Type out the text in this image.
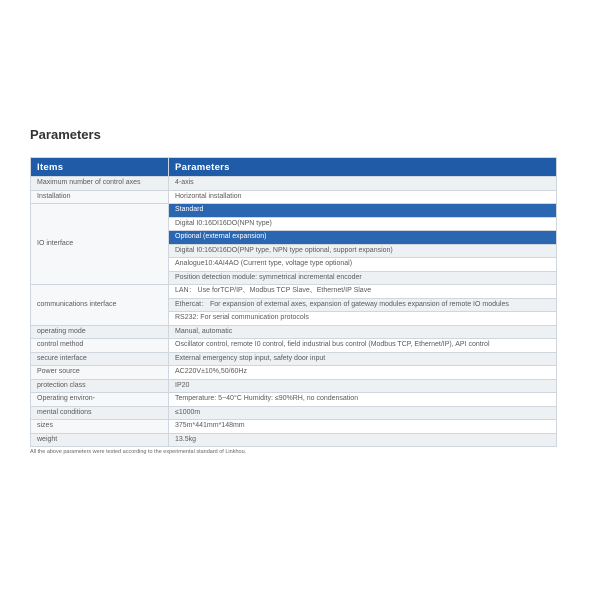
Parameters
Items	Parameters
Maximum number of control axes	4-axis
Installation	Horizontal installation
IO interface	Standard
	Digital I0:16DI16DO(NPN type)
	Optional (external expansion)
	Digital I0:16DI16DO(PNP type, NPN type optional, support expansion)
	Analogue10:4AI4AO (Current type, voltage type optional)
	Position detection module: symmetrical incremental encoder
communications interface	LAN： Use forTCP/IP、Modbus TCP Slave、Ethernet/IP Slave
	Ethercat： For expansion of external axes, expansion of gateway modules expansion of remote IO modules
	RS232: For serial communication protocols
operating mode	Manual, automatic
control method	Oscillator control, remote I0 control, field industrial bus control (Modbus TCP, Ethernet/IP), API control
secure interface	External emergency stop input, safety door input
Power source	AC220V±10%,50/60Hz
protection class	IP20
Operating environ-	Temperature: 5~40°C Humidity: ≤90%RH, no condensation
mental conditions	≤1000m
sizes	375m*441mm*148mm
weight	13.5kg
All the above parameters were tested according to the experimental standard of Linkhou.
